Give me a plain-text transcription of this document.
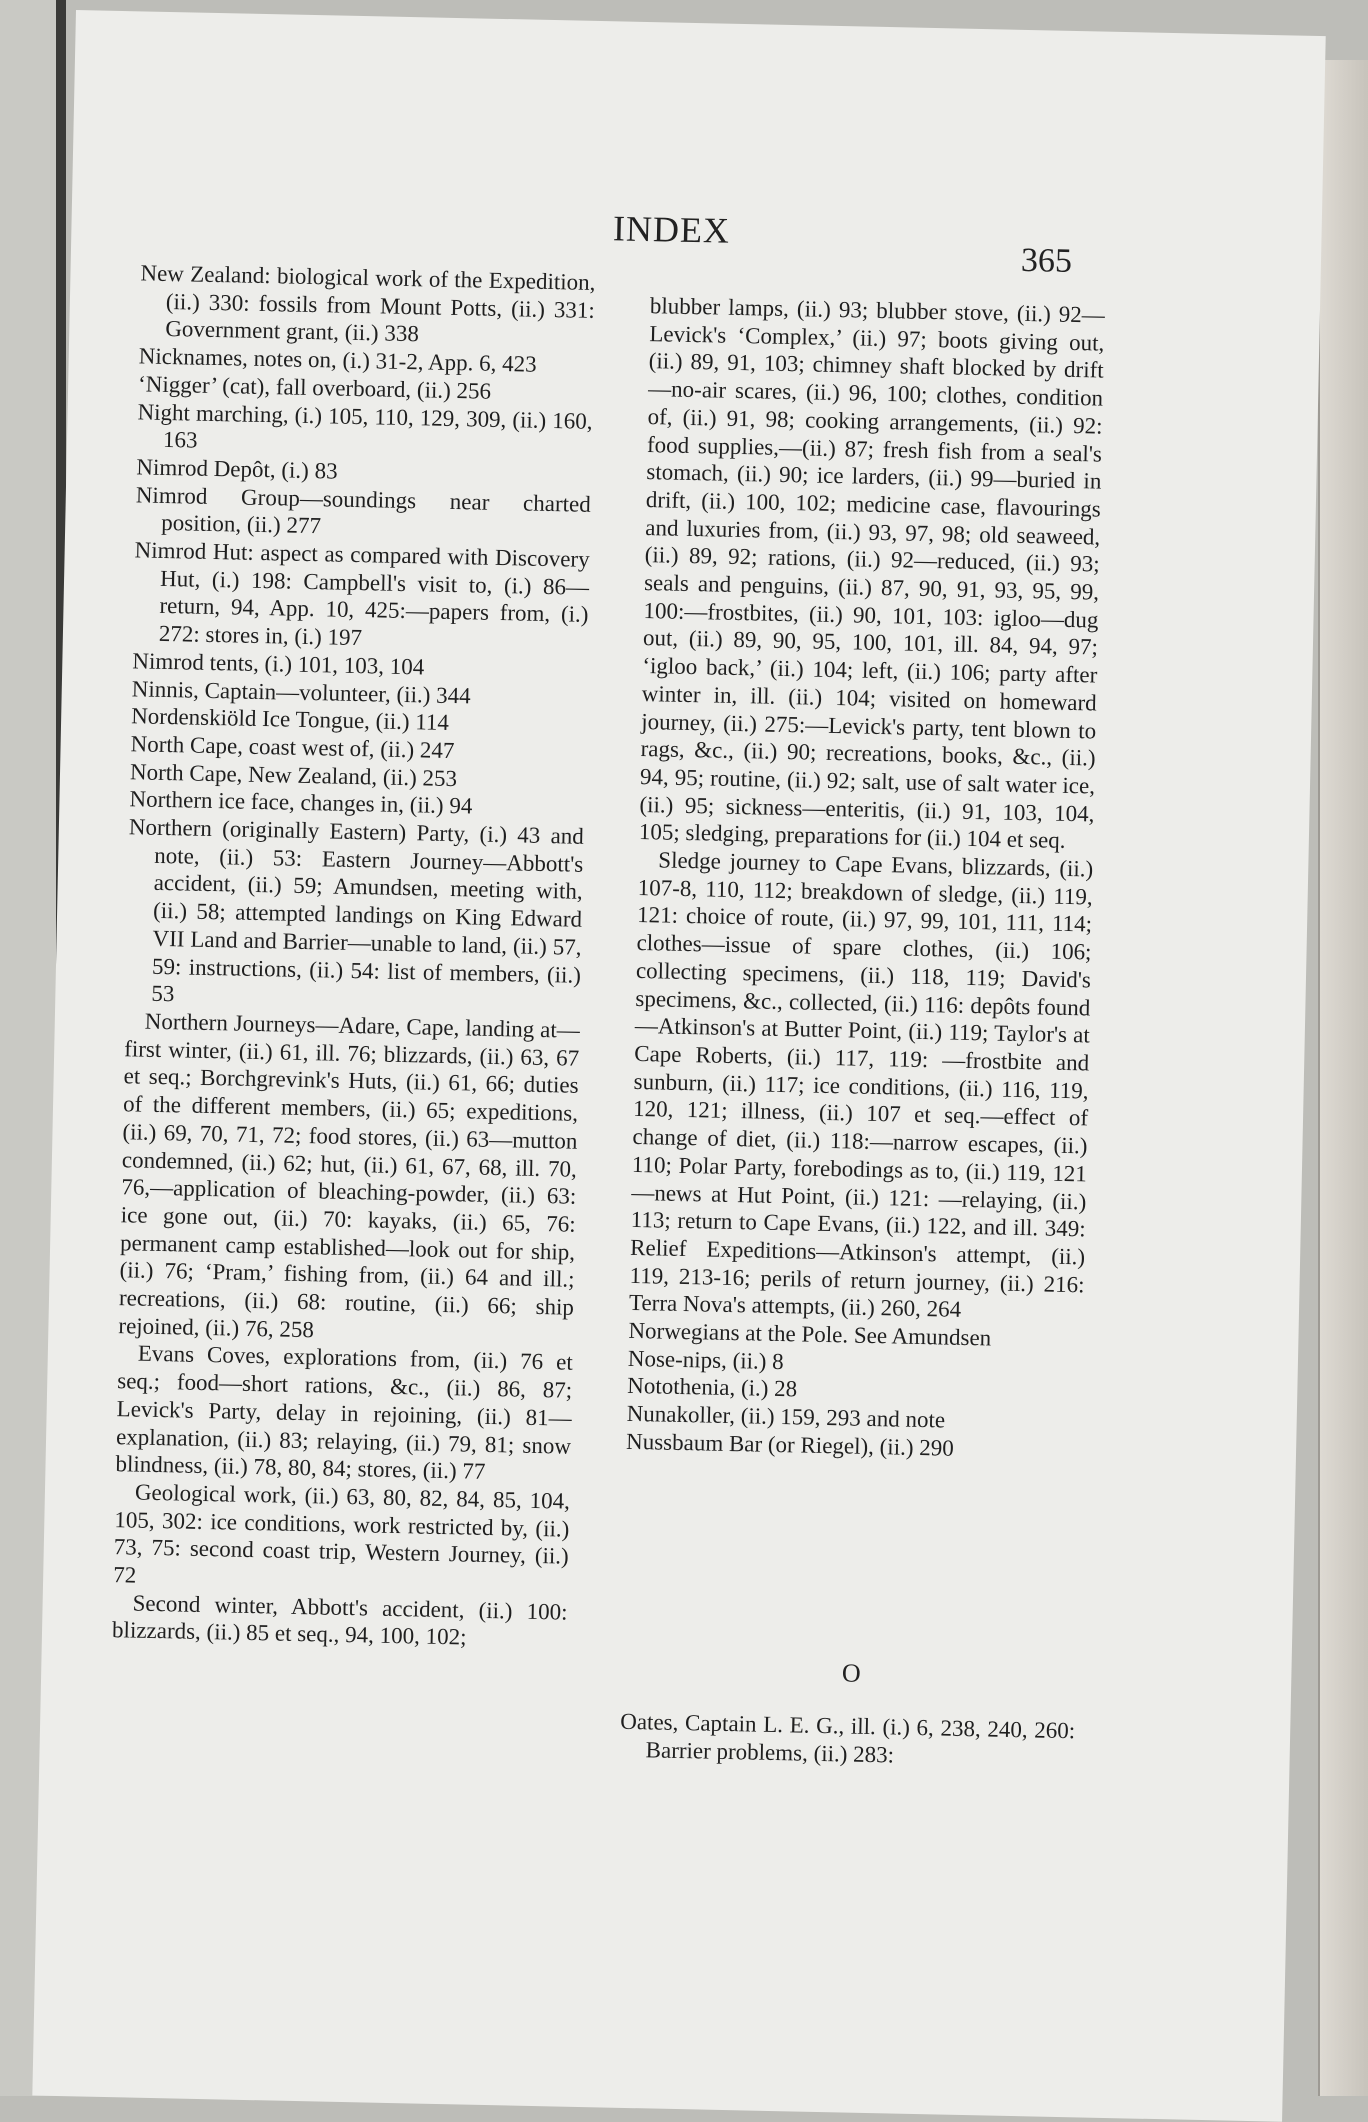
INDEX
365

New Zealand: biological work of the Expedition, (ii.) 330: fossils from Mount Potts, (ii.) 331: Government grant, (ii.) 338

Nicknames, notes on, (i.) 31-2, App. 6, 423

‘Nigger’ (cat), fall overboard, (ii.) 256

Night marching, (i.) 105, 110, 129, 309, (ii.) 160, 163

Nimrod Depôt, (i.) 83

Nimrod Group—soundings near charted position, (ii.) 277

Nimrod Hut: aspect as compared with Discovery Hut, (i.) 198: Campbell's visit to, (i.) 86—return, 94, App. 10, 425:—papers from, (i.) 272: stores in, (i.) 197

Nimrod tents, (i.) 101, 103, 104

Ninnis, Captain—volunteer, (ii.) 344

Nordenskiöld Ice Tongue, (ii.) 114

North Cape, coast west of, (ii.) 247

North Cape, New Zealand, (ii.) 253

Northern ice face, changes in, (ii.) 94

Northern (originally Eastern) Party, (i.) 43 and note, (ii.) 53: Eastern Journey—Abbott's accident, (ii.) 59; Amundsen, meeting with, (ii.) 58; attempted landings on King Edward VII Land and Barrier—unable to land, (ii.) 57, 59: instructions, (ii.) 54: list of members, (ii.) 53

Northern Journeys—Adare, Cape, landing at—first winter, (ii.) 61, ill. 76; blizzards, (ii.) 63, 67 et seq.; Borchgrevink's Huts, (ii.) 61, 66; duties of the different members, (ii.) 65; expeditions, (ii.) 69, 70, 71, 72; food stores, (ii.) 63—mutton condemned, (ii.) 62; hut, (ii.) 61, 67, 68, ill. 70, 76,—application of bleaching-powder, (ii.) 63: ice gone out, (ii.) 70: kayaks, (ii.) 65, 76: permanent camp established—look out for ship, (ii.) 76; ‘Pram,’ fishing from, (ii.) 64 and ill.; recreations, (ii.) 68: routine, (ii.) 66; ship rejoined, (ii.) 76, 258

Evans Coves, explorations from, (ii.) 76 et seq.; food—short rations, &c., (ii.) 86, 87; Levick's Party, delay in rejoining, (ii.) 81—explanation, (ii.) 83; relaying, (ii.) 79, 81; snow blindness, (ii.) 78, 80, 84; stores, (ii.) 77

Geological work, (ii.) 63, 80, 82, 84, 85, 104, 105, 302: ice conditions, work restricted by, (ii.) 73, 75: second coast trip, Western Journey, (ii.) 72

Second winter, Abbott's accident, (ii.) 100: blizzards, (ii.) 85 et seq., 94, 100, 102;

blubber lamps, (ii.) 93; blubber stove, (ii.) 92—Levick's ‘Complex,’ (ii.) 97; boots giving out, (ii.) 89, 91, 103; chimney shaft blocked by drift—no-air scares, (ii.) 96, 100; clothes, condition of, (ii.) 91, 98; cooking arrangements, (ii.) 92: food supplies,—(ii.) 87; fresh fish from a seal's stomach, (ii.) 90; ice larders, (ii.) 99—buried in drift, (ii.) 100, 102; medicine case, flavourings and luxuries from, (ii.) 93, 97, 98; old seaweed, (ii.) 89, 92; rations, (ii.) 92—reduced, (ii.) 93; seals and penguins, (ii.) 87, 90, 91, 93, 95, 99, 100:—frostbites, (ii.) 90, 101, 103: igloo—dug out, (ii.) 89, 90, 95, 100, 101, ill. 84, 94, 97; ‘igloo back,’ (ii.) 104; left, (ii.) 106; party after winter in, ill. (ii.) 104; visited on homeward journey, (ii.) 275:—Levick's party, tent blown to rags, &c., (ii.) 90; recreations, books, &c., (ii.) 94, 95; routine, (ii.) 92; salt, use of salt water ice, (ii.) 95; sickness—enteritis, (ii.) 91, 103, 104, 105; sledging, preparations for (ii.) 104 et seq.

Sledge journey to Cape Evans, blizzards, (ii.) 107-8, 110, 112; breakdown of sledge, (ii.) 119, 121: choice of route, (ii.) 97, 99, 101, 111, 114; clothes—issue of spare clothes, (ii.) 106; collecting specimens, (ii.) 118, 119; David's specimens, &c., collected, (ii.) 116: depôts found—Atkinson's at Butter Point, (ii.) 119; Taylor's at Cape Roberts, (ii.) 117, 119: —frostbite and sunburn, (ii.) 117; ice conditions, (ii.) 116, 119, 120, 121; illness, (ii.) 107 et seq.—effect of change of diet, (ii.) 118:—narrow escapes, (ii.) 110; Polar Party, forebodings as to, (ii.) 119, 121—news at Hut Point, (ii.) 121: —relaying, (ii.) 113; return to Cape Evans, (ii.) 122, and ill. 349: Relief Expeditions—Atkinson's attempt, (ii.) 119, 213-16; perils of return journey, (ii.) 216: Terra Nova's attempts, (ii.) 260, 264

Norwegians at the Pole. See Amundsen

Nose-nips, (ii.) 8

Notothenia, (i.) 28

Nunakoller, (ii.) 159, 293 and note

Nussbaum Bar (or Riegel), (ii.) 290

O

Oates, Captain L. E. G., ill. (i.) 6, 238, 240, 260: Barrier problems, (ii.) 283:
